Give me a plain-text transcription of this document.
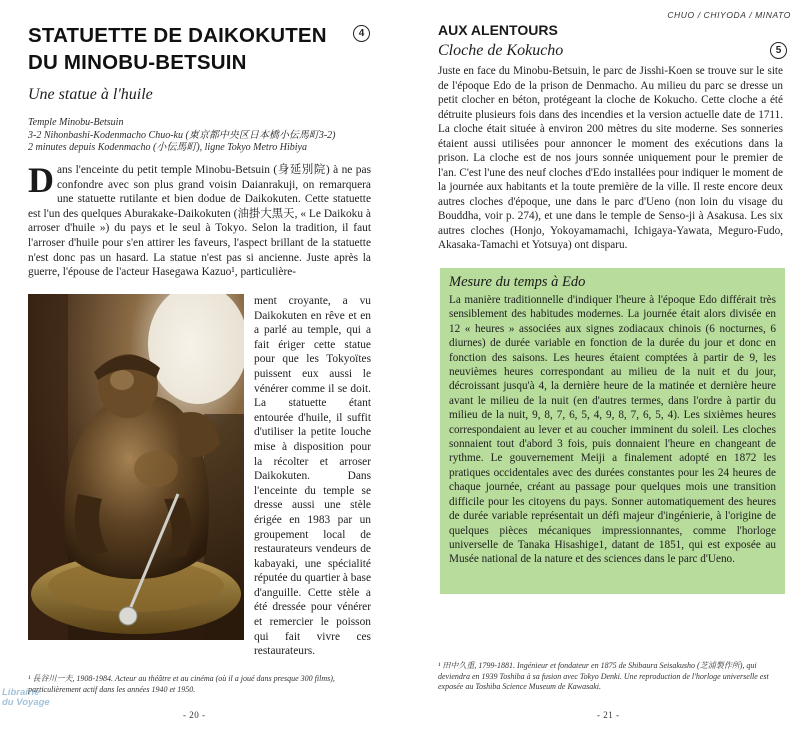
STATUETTE DE DAIKOKUTEN DU MINOBU-BETSUIN
4
Une statue à l'huile
Temple Minobu-Betsuin
3-2 Nihonbashi-Kodenmacho Chuo-ku (東京都中央区日本橋小伝馬町3-2)
2 minutes depuis Kodenmacho (小伝馬町), ligne Tokyo Metro Hibiya
Dans l'enceinte du petit temple Minobu-Betsuin (身延別院) à ne pas confondre avec son plus grand voisin Daianrakuji, on remarquera une statuette rutilante et bien dodue de Daikokuten. Cette statuette est l'un des quelques Aburakake-Daikokuten (油掛大黒天, « Le Daikoku à arroser d'huile ») du pays et le seul à Tokyo. Selon la tradition, il faut l'arroser d'huile pour s'en attirer les faveurs, l'aspect brillant de la statuette n'est donc pas un hasard. La statue n'est pas si ancienne. Juste après la guerre, l'épouse de l'acteur Hasegawa Kazuo¹, particulière-
ment croyante, a vu Daikokuten en rêve et en a parlé au temple, qui a fait ériger cette statue pour que les Tokyoïtes puissent eux aussi le vénérer comme il se doit. La statuette étant entourée d'huile, il suffit d'utiliser la petite louche mise à disposition pour la récolter et arroser Daikokuten. Dans l'enceinte du temple se dresse aussi une stèle érigée en 1983 par un groupement local de restaurateurs vendeurs de kabayaki, une spécialité réputée du quartier à base d'anguille. Cette stèle a été dressée pour vénérer et remercier le poisson qui fait vivre ces restaurateurs.
¹ 長谷川一夫, 1908-1984. Acteur au théâtre et au cinéma (où il a joué dans presque 300 films), particulièrement actif dans les années 1940 et 1950.
- 20 -
CHUO / CHIYODA / MINATO
AUX ALENTOURS
Cloche de Kokucho	5
Juste en face du Minobu-Betsuin, le parc de Jisshi-Koen se trouve sur le site de l'époque Edo de la prison de Denmacho. Au milieu du parc se dresse un petit clocher en béton, protégeant la cloche de Kokucho. Cette cloche a été détruite plusieurs fois dans des incendies et la version actuelle date de 1711. La cloche était située à environ 200 mètres du site moderne. Ses sonneries étaient aussi utilisées pour annoncer le moment des exécutions dans la prison. La cloche est de nos jours sonnée uniquement pour le premier de l'an. C'est l'une des neuf cloches d'Edo installées pour indiquer le moment de la journée aux habitants et la toute première de la ville. Il reste encore deux autres cloches d'époque, une dans le parc d'Ueno (non loin du visage du Bouddha, voir p. 274), et une dans le temple de Senso-ji à Asakusa. Les six autres cloches (Honjo, Yokoyamamachi, Ichigaya-Yawata, Meguro-Fudo, Akasaka-Tamachi et Yotsuya) ont disparu.
Mesure du temps à Edo
La manière traditionnelle d'indiquer l'heure à l'époque Edo différait très sensiblement des habitudes modernes. La journée était alors divisée en 12 « heures » associées aux signes zodiacaux chinois (6 nocturnes, 6 diurnes) de durée variable en fonction de la durée du jour et donc en fonction des saisons. Les heures étaient comptées à partir de 9, les neuvièmes heures correspondant au milieu de la nuit et du jour, décroissant jusqu'à 4, la dernière heure de la matinée et dernière heure avant le milieu de la nuit (en d'autres termes, dans l'ordre à partir du milieu de la nuit, 9, 8, 7, 6, 5, 4, 9, 8, 7, 6, 5, 4). Les sixièmes heures correspondaient au lever et au coucher imminent du soleil. Les cloches sonnaient tout d'abord 3 fois, puis donnaient l'heure en changeant de rythme. Le gouvernement Meiji a finalement adopté en 1872 les pratiques occidentales avec des durées constantes pour les 24 heures de chaque journée, créant au passage pour quelques mois une transition difficile pour les citoyens du pays. Sonner automatiquement des heures de durée variable représentait un défi majeur d'ingénierie, à l'origine de quelques pièces mécaniques impressionnantes, comme l'horloge universelle de Tanaka Hisashige1, datant de 1851, qui est exposée au Musée national de la nature et des sciences dans le parc d'Ueno.
¹ 田中久重, 1799-1881. Ingénieur et fondateur en 1875 de Shibaura Seisakusho (芝浦製作所), qui deviendra en 1939 Toshiba à sa fusion avec Tokyo Denki. Une reproduction de l'horloge universelle est exposée au Toshiba Science Museum de Kawasaki.
- 21 -
Librairie
du Voyage
